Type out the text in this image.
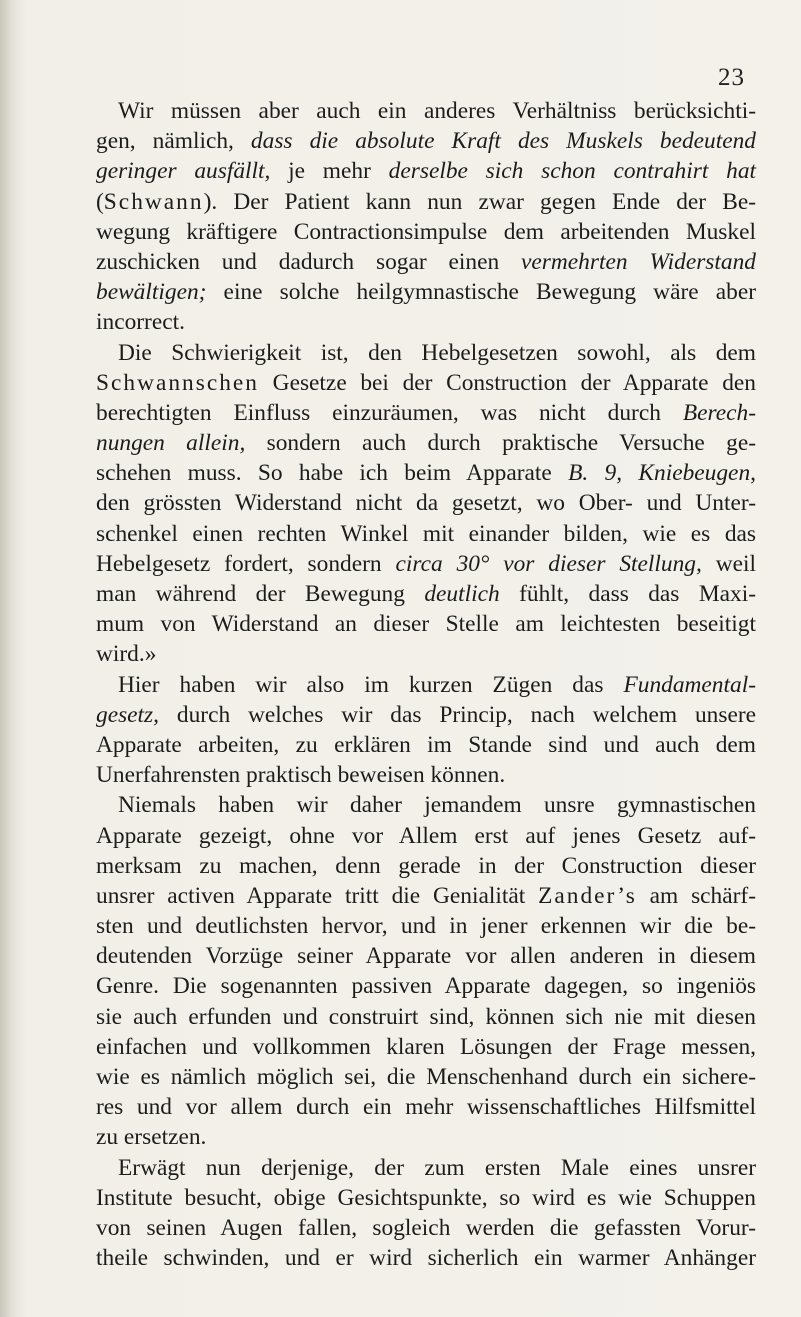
23
Wir müssen aber auch ein anderes Verhältniss berücksichti-
gen, nämlich, dass die absolute Kraft des Muskels bedeutend
geringer ausfällt, je mehr derselbe sich schon contrahirt hat
(Schwann). Der Patient kann nun zwar gegen Ende der Be-
wegung kräftigere Contractionsimpulse dem arbeitenden Muskel
zuschicken und dadurch sogar einen vermehrten Widerstand
bewältigen; eine solche heilgymnastische Bewegung wäre aber
incorrect.
Die Schwierigkeit ist, den Hebelgesetzen sowohl, als dem
Schwannschen Gesetze bei der Construction der Apparate den
berechtigten Einfluss einzuräumen, was nicht durch Berech-
nungen allein, sondern auch durch praktische Versuche ge-
schehen muss. So habe ich beim Apparate B. 9, Kniebeugen,
den grössten Widerstand nicht da gesetzt, wo Ober- und Unter-
schenkel einen rechten Winkel mit einander bilden, wie es das
Hebelgesetz fordert, sondern circa 30° vor dieser Stellung, weil
man während der Bewegung deutlich fühlt, dass das Maxi-
mum von Widerstand an dieser Stelle am leichtesten beseitigt
wird.»
Hier haben wir also im kurzen Zügen das Fundamental-
gesetz, durch welches wir das Princip, nach welchem unsere
Apparate arbeiten, zu erklären im Stande sind und auch dem
Unerfahrensten praktisch beweisen können.
Niemals haben wir daher jemandem unsre gymnastischen
Apparate gezeigt, ohne vor Allem erst auf jenes Gesetz auf-
merksam zu machen, denn gerade in der Construction dieser
unsrer activen Apparate tritt die Genialität Zander’s am schärf-
sten und deutlichsten hervor, und in jener erkennen wir die be-
deutenden Vorzüge seiner Apparate vor allen anderen in diesem
Genre. Die sogenannten passiven Apparate dagegen, so ingeniös
sie auch erfunden und construirt sind, können sich nie mit diesen
einfachen und vollkommen klaren Lösungen der Frage messen,
wie es nämlich möglich sei, die Menschenhand durch ein sichere-
res und vor allem durch ein mehr wissenschaftliches Hilfsmittel
zu ersetzen.
Erwägt nun derjenige, der zum ersten Male eines unsrer
Institute besucht, obige Gesichtspunkte, so wird es wie Schuppen
von seinen Augen fallen, sogleich werden die gefassten Vorur-
theile schwinden, und er wird sicherlich ein warmer Anhänger
